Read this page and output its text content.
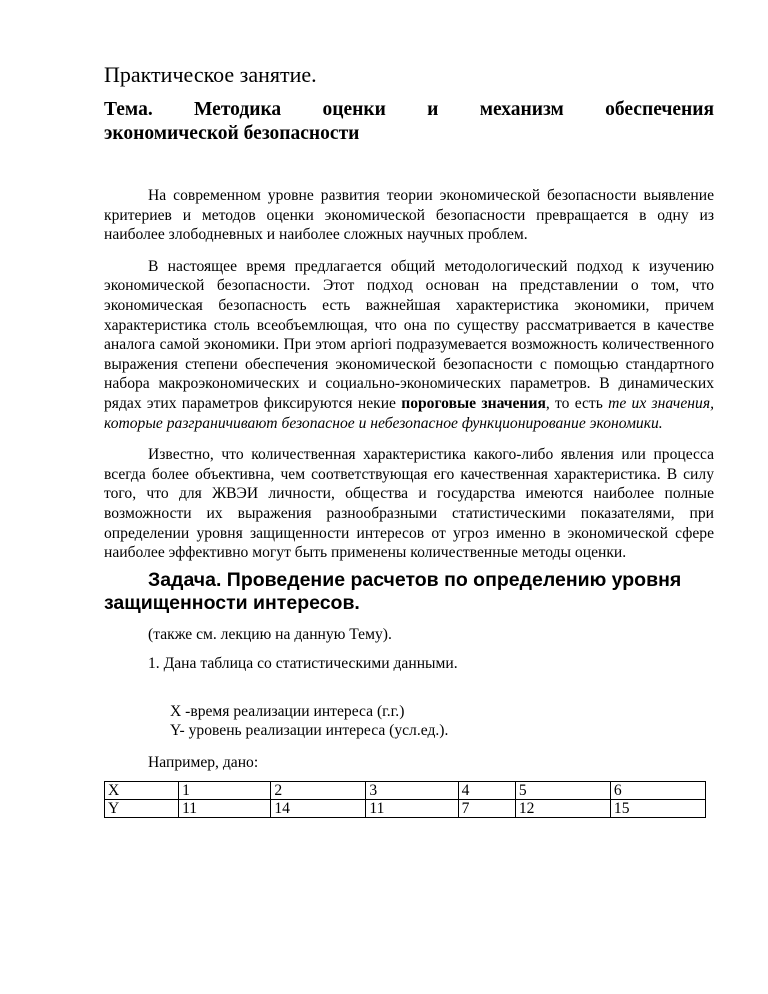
Практическое занятие.
Тема. Методика оценки и механизм обеспечения
экономической безопасности

На современном уровне развития теории экономической безопасности выявление критериев и методов оценки экономической безопасности превращается в одну из наиболее злободневных и наиболее сложных научных проблем.

В настоящее время предлагается общий методологический подход к изучению экономической безопасности. Этот подход основан на представлении о том, что экономическая безопасность есть важнейшая характеристика экономики, причем характеристика столь всеобъемлющая, что она по существу рассматривается в качестве аналога самой экономики. При этом apriori подразумевается возможность количественного выражения степени обеспечения экономической безопасности с помощью стандартного набора макроэкономических и социально-экономических параметров. В динамических рядах этих параметров фиксируются некие пороговые значения, то есть те их значения, которые разграничивают безопасное и небезопасное функционирование экономики.

Известно, что количественная характеристика какого-либо явления или процесса всегда более объективна, чем соответствующая его качественная характеристика. В силу того, что для ЖВЭИ личности, общества и государства имеются наиболее полные возможности их выражения разнообразными статистическими показателями, при определении уровня защищенности интересов от угроз именно в экономической сфере наиболее эффективно могут быть применены количественные методы оценки.

Задача. Проведение расчетов по определению уровня защищенности интересов.
(также см. лекцию на данную Тему).
1. Дана таблица со статистическими данными.
X -время реализации интереса (г.г.)
Y- уровень реализации интереса (усл.ед.).
Например, дано:
X	1	2	3	4	5	6
Y	11	14	11	7	12	15
